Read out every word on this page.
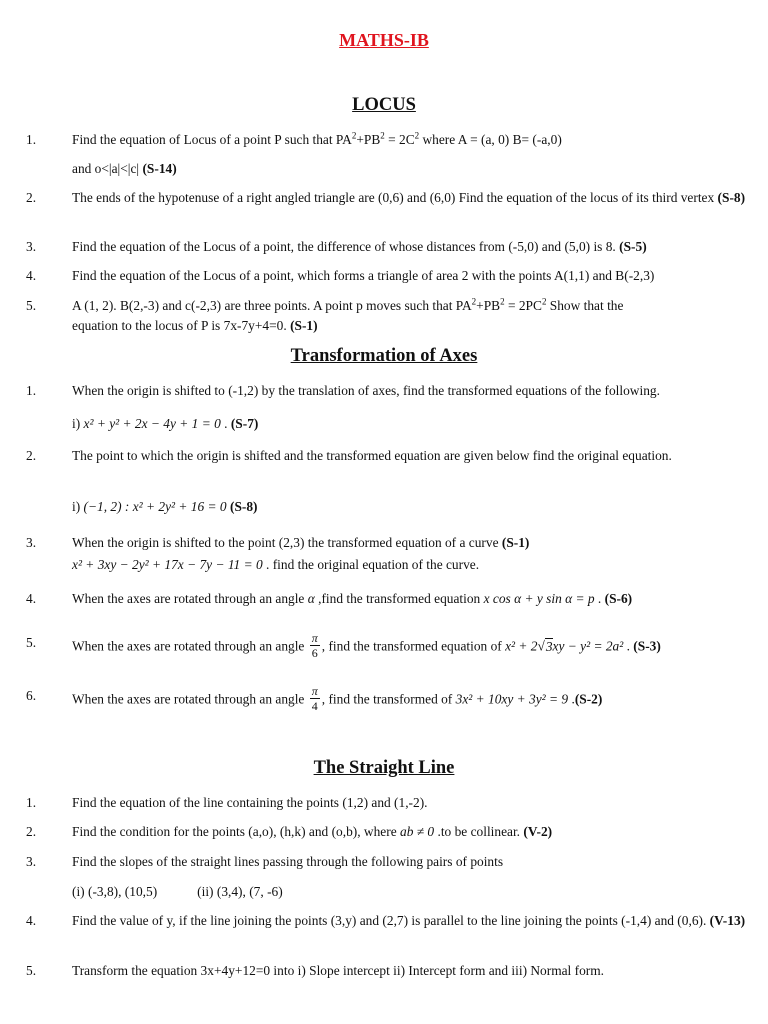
MATHS-IB
LOCUS
1.	Find the equation of Locus of a point P such that $PA^2+PB^2 = 2C^2$ where A = (a, 0) B= (-a,0)
and o<|a|<|c| (S-14)
2.	The ends of the hypotenuse of a right angled triangle are (0,6) and (6,0) Find the equation of the locus of its third vertex (S-8)
3.	Find the equation of the Locus of a point, the difference of whose distances from (-5,0) and (5,0) is 8. (S-5)
4.	Find the equation of the Locus of a point, which forms a triangle of area 2 with the points A(1,1) and B(-2,3)
5.	A (1, 2). B(2,-3) and c(-2,3) are three points. A point p moves such that $PA^2+PB^2 = 2PC^2$ Show that the
equation to the locus of P is 7x-7y+4=0. (S-1)
Transformation of Axes
1.	When the origin is shifted to (-1,2) by the translation of axes, find the transformed equations of the following.
i) x² + y² + 2x − 4y + 1 = 0 . (S-7)
2.	The point to which the origin is shifted and the transformed equation are given below find the original equation.
i) (−1, 2) : x² + 2y² + 16 = 0 (S-8)
3.	When the origin is shifted to the point (2,3) the transformed equation of a curve (S-1)
x² + 3xy − 2y² + 17x − 7y − 11 = 0 . find the original equation of the curve.
4.	When the axes are rotated through an angle α ,find the transformed equation x cos α + y sin α = p . (S-6)
5.	When the axes are rotated through an angle $\frac{\pi}{6}$ , find the transformed equation of x² + 2√3xy − y² = 2a² . (S-3)
6.	When the axes are rotated through an angle $\frac{\pi}{4}$ , find the transformed of 3x² + 10xy + 3y² = 9 .(S-2)
The Straight Line
1.	Find the equation of the line containing the points (1,2) and (1,-2).
2.	Find the condition for the points (a,o), (h,k) and (o,b), where ab ≠ 0 .to be collinear. (V-2)
3.	Find the slopes of the straight lines passing through the following pairs of points
(i) (-3,8), (10,5)	(ii) (3,4), (7, -6)
4.	Find the value of y, if the line joining the points (3,y) and (2,7) is parallel to the line joining the points (-1,4) and (0,6). (V-13)
5.	Transform the equation 3x+4y+12=0 into i) Slope intercept ii) Intercept form and iii) Normal form.
